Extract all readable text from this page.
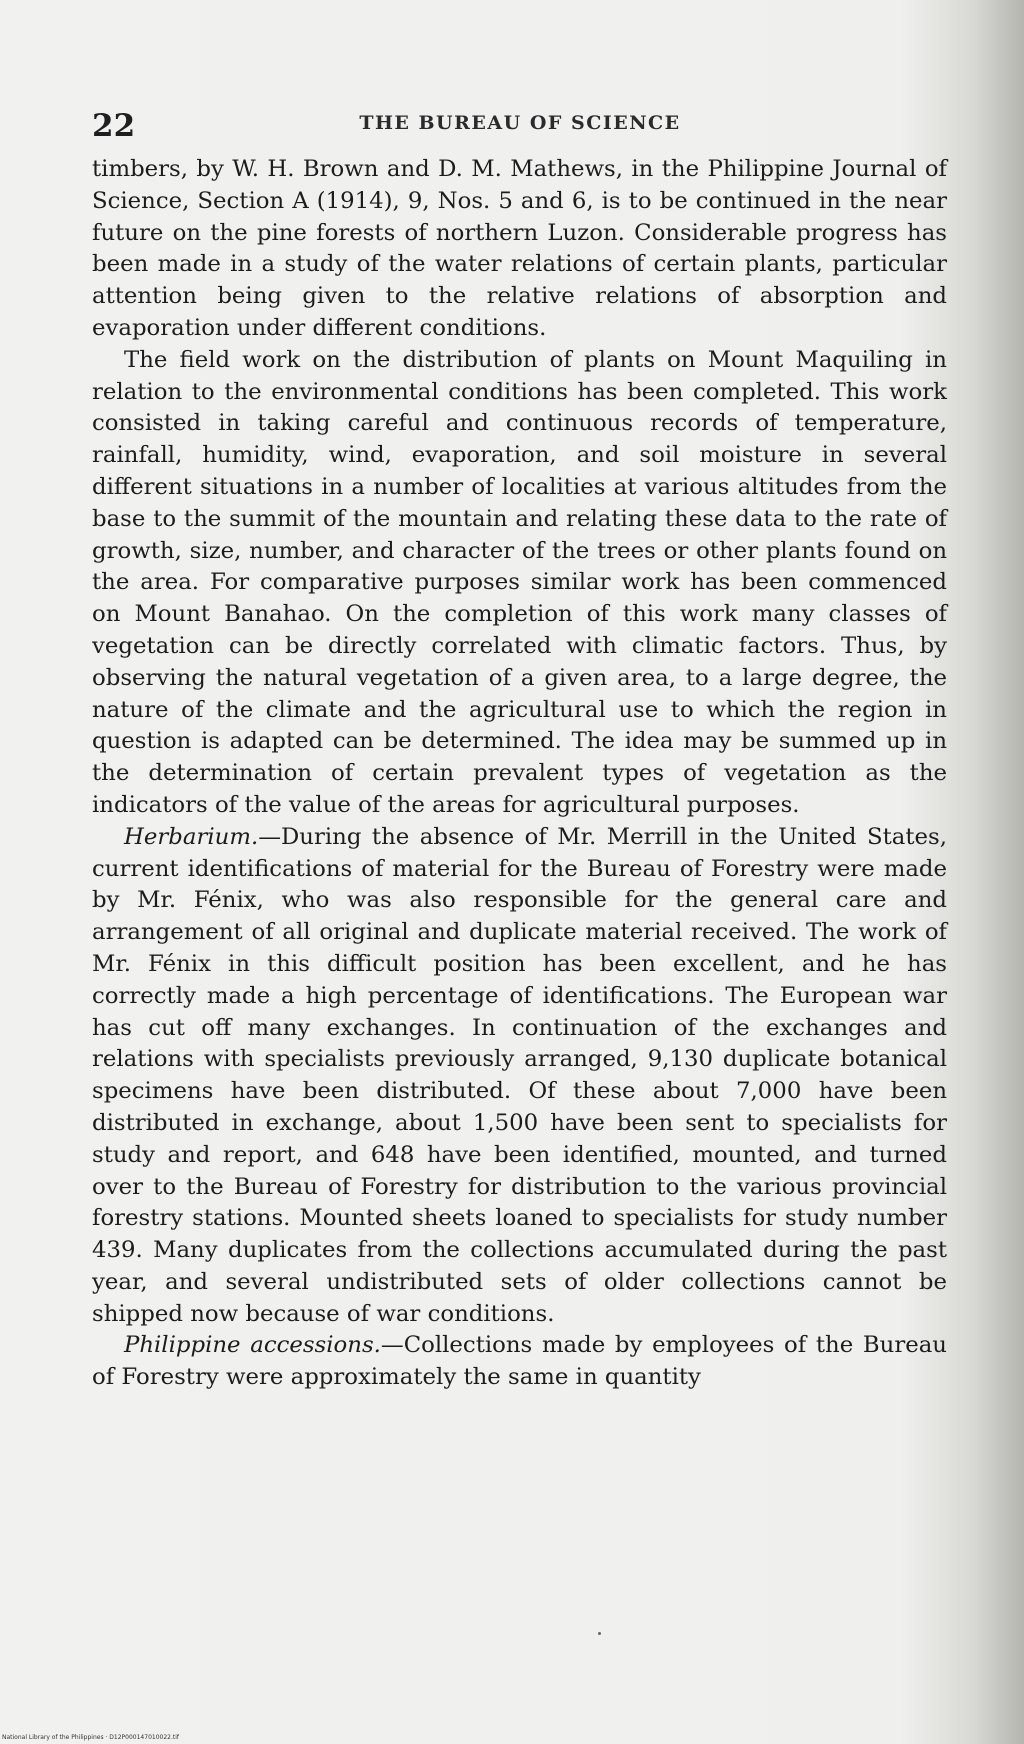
22	THE BUREAU OF SCIENCE

timbers, by W. H. Brown and D. M. Mathews, in the Philippine Journal of Science, Section A (1914), 9, Nos. 5 and 6, is to be continued in the near future on the pine forests of northern Luzon. Considerable progress has been made in a study of the water relations of certain plants, particular attention being given to the relative relations of absorption and evaporation under different conditions.

The field work on the distribution of plants on Mount Maquiling in relation to the environmental conditions has been completed. This work consisted in taking careful and continuous records of temperature, rainfall, humidity, wind, evaporation, and soil moisture in several different situations in a number of localities at various altitudes from the base to the summit of the mountain and relating these data to the rate of growth, size, number, and character of the trees or other plants found on the area. For comparative purposes similar work has been commenced on Mount Banahao. On the completion of this work many classes of vegetation can be directly correlated with climatic factors. Thus, by observing the natural vegetation of a given area, to a large degree, the nature of the climate and the agricultural use to which the region in question is adapted can be determined. The idea may be summed up in the determination of certain prevalent types of vegetation as the indicators of the value of the areas for agricultural purposes.

Herbarium.—During the absence of Mr. Merrill in the United States, current identifications of material for the Bureau of Forestry were made by Mr. Fénix, who was also responsible for the general care and arrangement of all original and duplicate material received. The work of Mr. Fénix in this difficult position has been excellent, and he has correctly made a high percentage of identifications. The European war has cut off many exchanges. In continuation of the exchanges and relations with specialists previously arranged, 9,130 duplicate botanical specimens have been distributed. Of these about 7,000 have been distributed in exchange, about 1,500 have been sent to specialists for study and report, and 648 have been identified, mounted, and turned over to the Bureau of Forestry for distribution to the various provincial forestry stations. Mounted sheets loaned to specialists for study number 439. Many duplicates from the collections accumulated during the past year, and several undistributed sets of older collections cannot be shipped now because of war conditions.

Philippine accessions.—Collections made by employees of the Bureau of Forestry were approximately the same in quantity

National Library of the Philippines · D12P000147010022.tif
